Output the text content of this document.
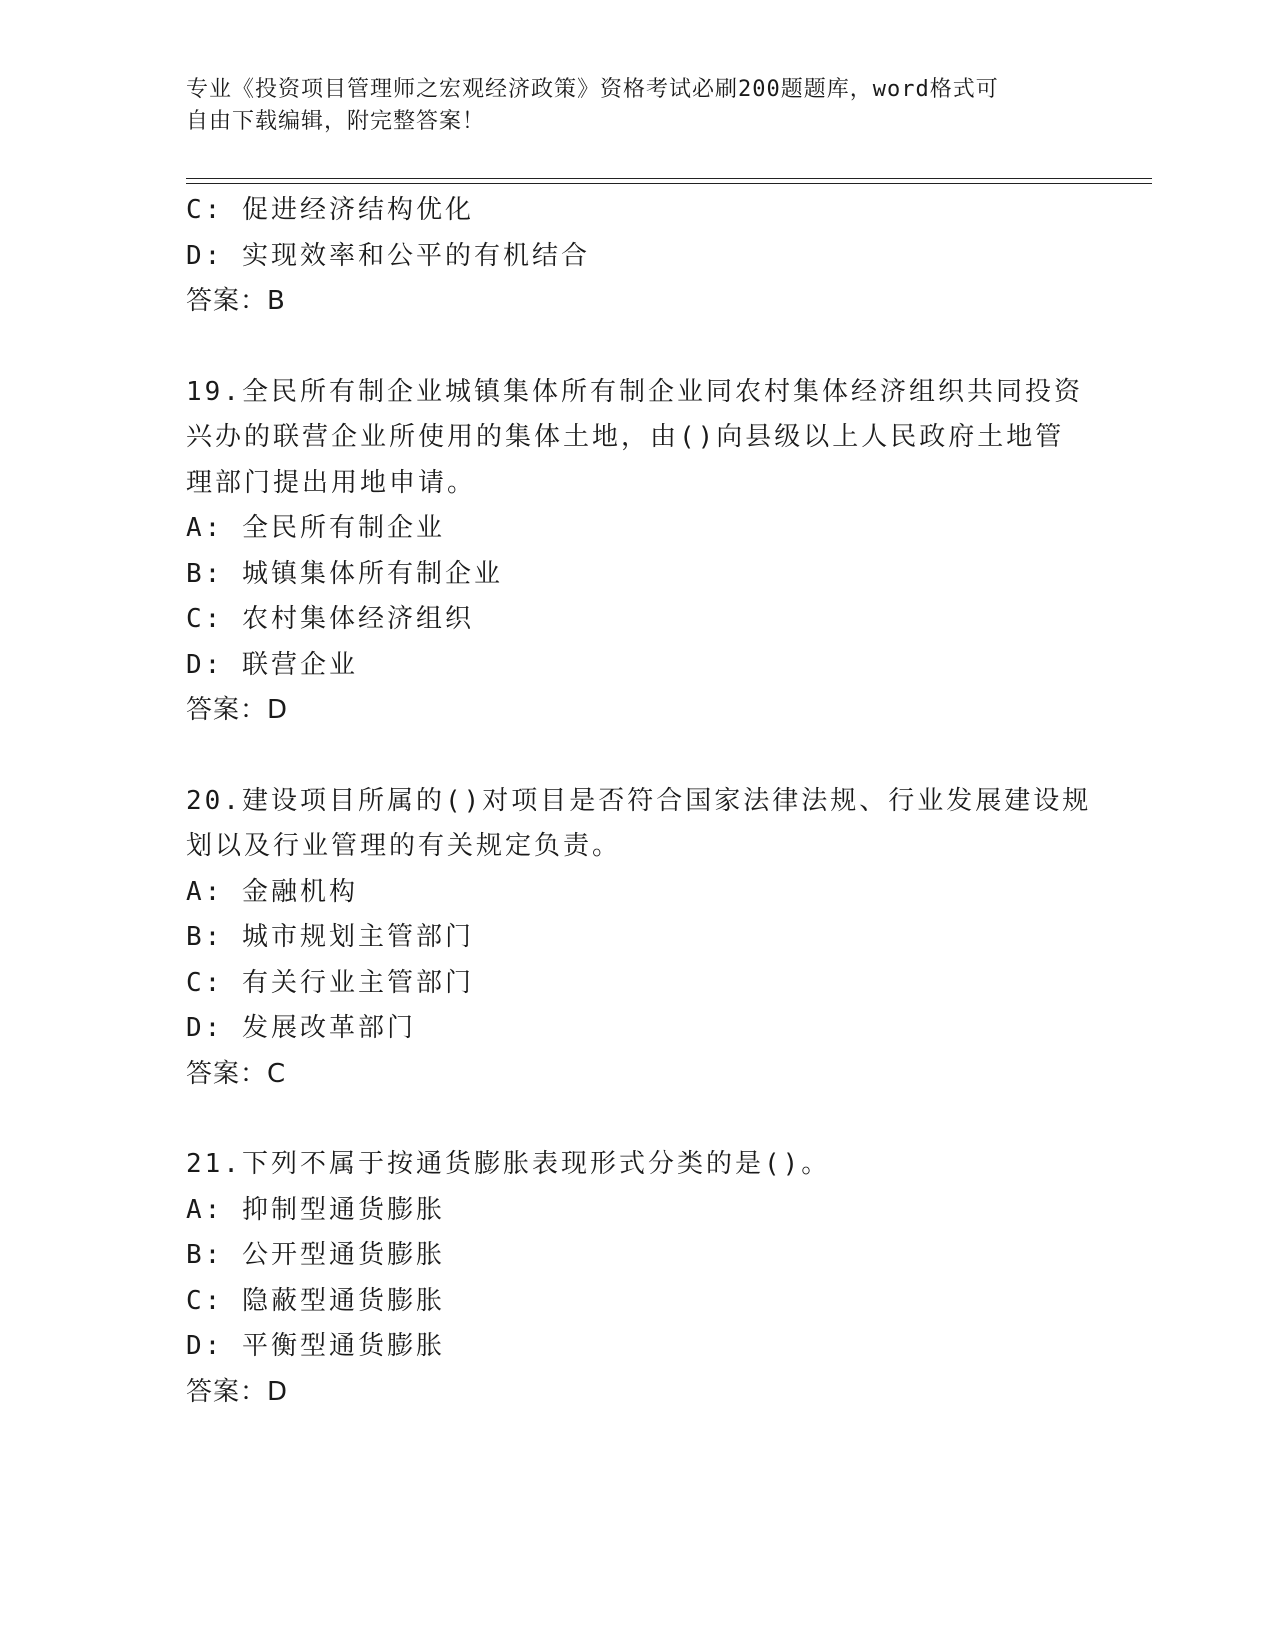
专业《投资项目管理师之宏观经济政策》资格考试必刷200题题库，word格式可
自由下载编辑，附完整答案！
C: 促进经济结构优化
D: 实现效率和公平的有机结合
答案：B
19.全民所有制企业城镇集体所有制企业同农村集体经济组织共同投资
兴办的联营企业所使用的集体土地，由()向县级以上人民政府土地管
理部门提出用地申请。
A: 全民所有制企业
B: 城镇集体所有制企业
C: 农村集体经济组织
D: 联营企业
答案：D
20.建设项目所属的()对项目是否符合国家法律法规、行业发展建设规
划以及行业管理的有关规定负责。
A: 金融机构
B: 城市规划主管部门
C: 有关行业主管部门
D: 发展改革部门
答案：C
21.下列不属于按通货膨胀表现形式分类的是()。
A: 抑制型通货膨胀
B: 公开型通货膨胀
C: 隐蔽型通货膨胀
D: 平衡型通货膨胀
答案：D
